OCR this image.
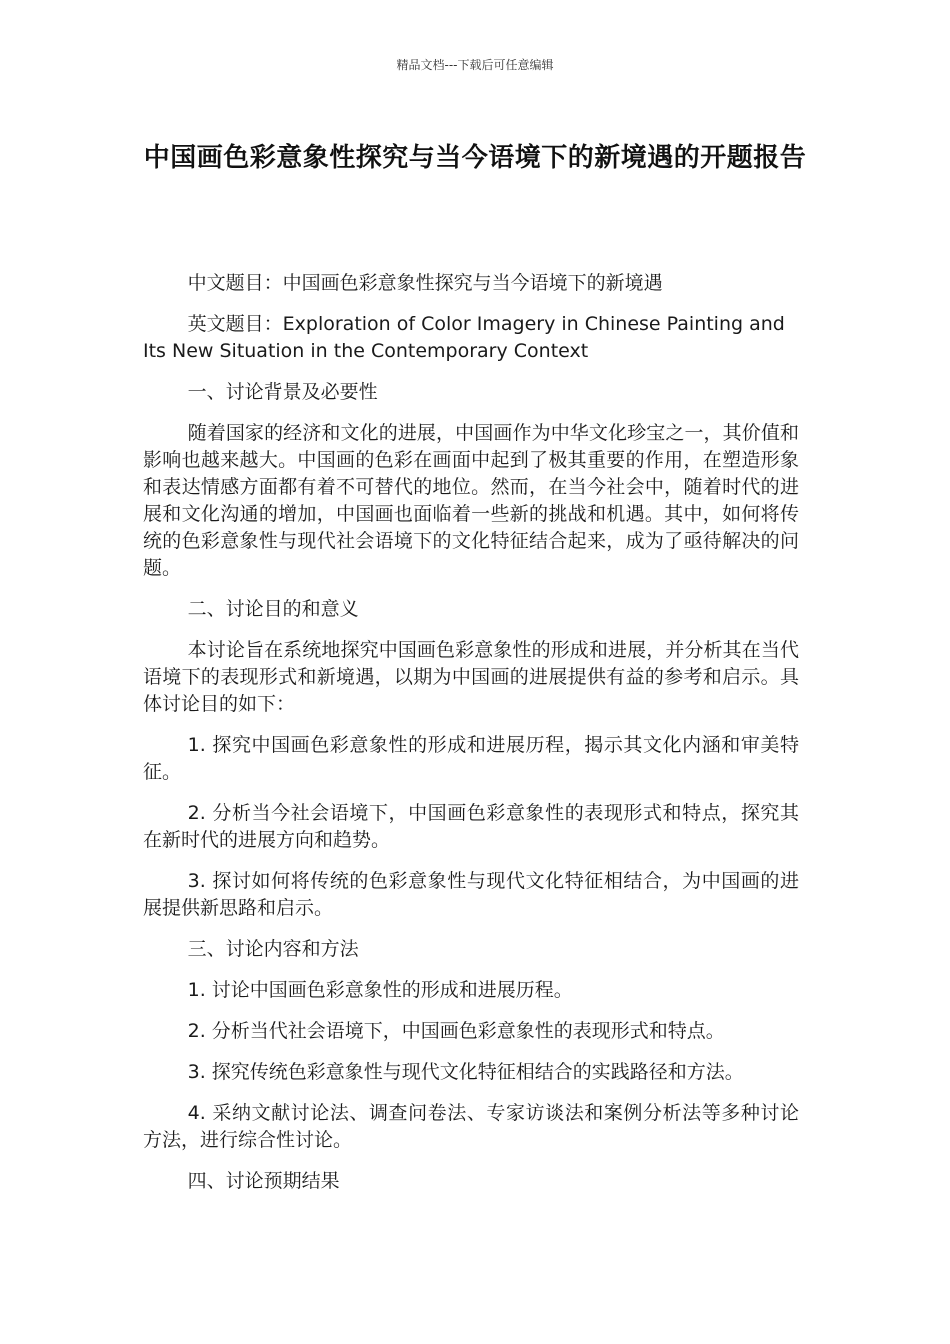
精品文档---下载后可任意编辑
中国画色彩意象性探究与当今语境下的新境遇的开题报告

中文题目：中国画色彩意象性探究与当今语境下的新境遇

英文题目：Exploration of Color Imagery in Chinese Painting and Its New Situation in the Contemporary Context

一、讨论背景及必要性

随着国家的经济和文化的进展，中国画作为中华文化珍宝之一，其价值和影响也越来越大。中国画的色彩在画面中起到了极其重要的作用，在塑造形象和表达情感方面都有着不可替代的地位。然而，在当今社会中，随着时代的进展和文化沟通的增加，中国画也面临着一些新的挑战和机遇。其中，如何将传统的色彩意象性与现代社会语境下的文化特征结合起来，成为了亟待解决的问题。

二、讨论目的和意义

本讨论旨在系统地探究中国画色彩意象性的形成和进展，并分析其在当代语境下的表现形式和新境遇，以期为中国画的进展提供有益的参考和启示。具体讨论目的如下：

1. 探究中国画色彩意象性的形成和进展历程，揭示其文化内涵和审美特征。

2. 分析当今社会语境下，中国画色彩意象性的表现形式和特点，探究其在新时代的进展方向和趋势。

3. 探讨如何将传统的色彩意象性与现代文化特征相结合，为中国画的进展提供新思路和启示。

三、讨论内容和方法

1. 讨论中国画色彩意象性的形成和进展历程。

2. 分析当代社会语境下，中国画色彩意象性的表现形式和特点。

3. 探究传统色彩意象性与现代文化特征相结合的实践路径和方法。

4. 采纳文献讨论法、调查问卷法、专家访谈法和案例分析法等多种讨论方法，进行综合性讨论。

四、讨论预期结果
